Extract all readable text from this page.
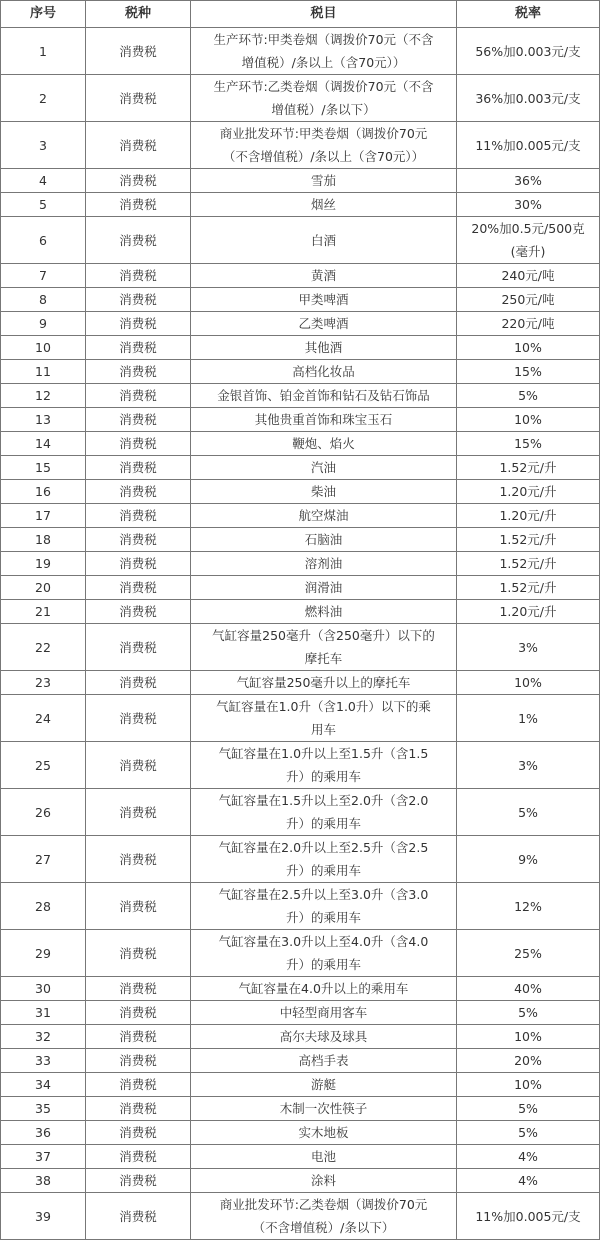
序号	税种	税目	税率
1	消费税	生产环节:甲类卷烟（调拨价70元（不含
增值税）/条以上（含70元））	56%加0.003元/支
2	消费税	生产环节:乙类卷烟（调拨价70元（不含
增值税）/条以下）	36%加0.003元/支
3	消费税	商业批发环节:甲类卷烟（调拨价70元
（不含增值税）/条以上（含70元））	11%加0.005元/支
4	消费税	雪茄	36%
5	消费税	烟丝	30%
6	消费税	白酒	20%加0.5元/500克
(毫升)
7	消费税	黄酒	240元/吨
8	消费税	甲类啤酒	250元/吨
9	消费税	乙类啤酒	220元/吨
10	消费税	其他酒	10%
11	消费税	高档化妆品	15%
12	消费税	金银首饰、铂金首饰和钻石及钻石饰品	5%
13	消费税	其他贵重首饰和珠宝玉石	10%
14	消费税	鞭炮、焰火	15%
15	消费税	汽油	1.52元/升
16	消费税	柴油	1.20元/升
17	消费税	航空煤油	1.20元/升
18	消费税	石脑油	1.52元/升
19	消费税	溶剂油	1.52元/升
20	消费税	润滑油	1.52元/升
21	消费税	燃料油	1.20元/升
22	消费税	气缸容量250毫升（含250毫升）以下的
摩托车	3%
23	消费税	气缸容量250毫升以上的摩托车	10%
24	消费税	气缸容量在1.0升（含1.0升）以下的乘
用车	1%
25	消费税	气缸容量在1.0升以上至1.5升（含1.5
升）的乘用车	3%
26	消费税	气缸容量在1.5升以上至2.0升（含2.0
升）的乘用车	5%
27	消费税	气缸容量在2.0升以上至2.5升（含2.5
升）的乘用车	9%
28	消费税	气缸容量在2.5升以上至3.0升（含3.0
升）的乘用车	12%
29	消费税	气缸容量在3.0升以上至4.0升（含4.0
升）的乘用车	25%
30	消费税	气缸容量在4.0升以上的乘用车	40%
31	消费税	中轻型商用客车	5%
32	消费税	高尔夫球及球具	10%
33	消费税	高档手表	20%
34	消费税	游艇	10%
35	消费税	木制一次性筷子	5%
36	消费税	实木地板	5%
37	消费税	电池	4%
38	消费税	涂料	4%
39	消费税	商业批发环节:乙类卷烟（调拨价70元
（不含增值税）/条以下）	11%加0.005元/支
